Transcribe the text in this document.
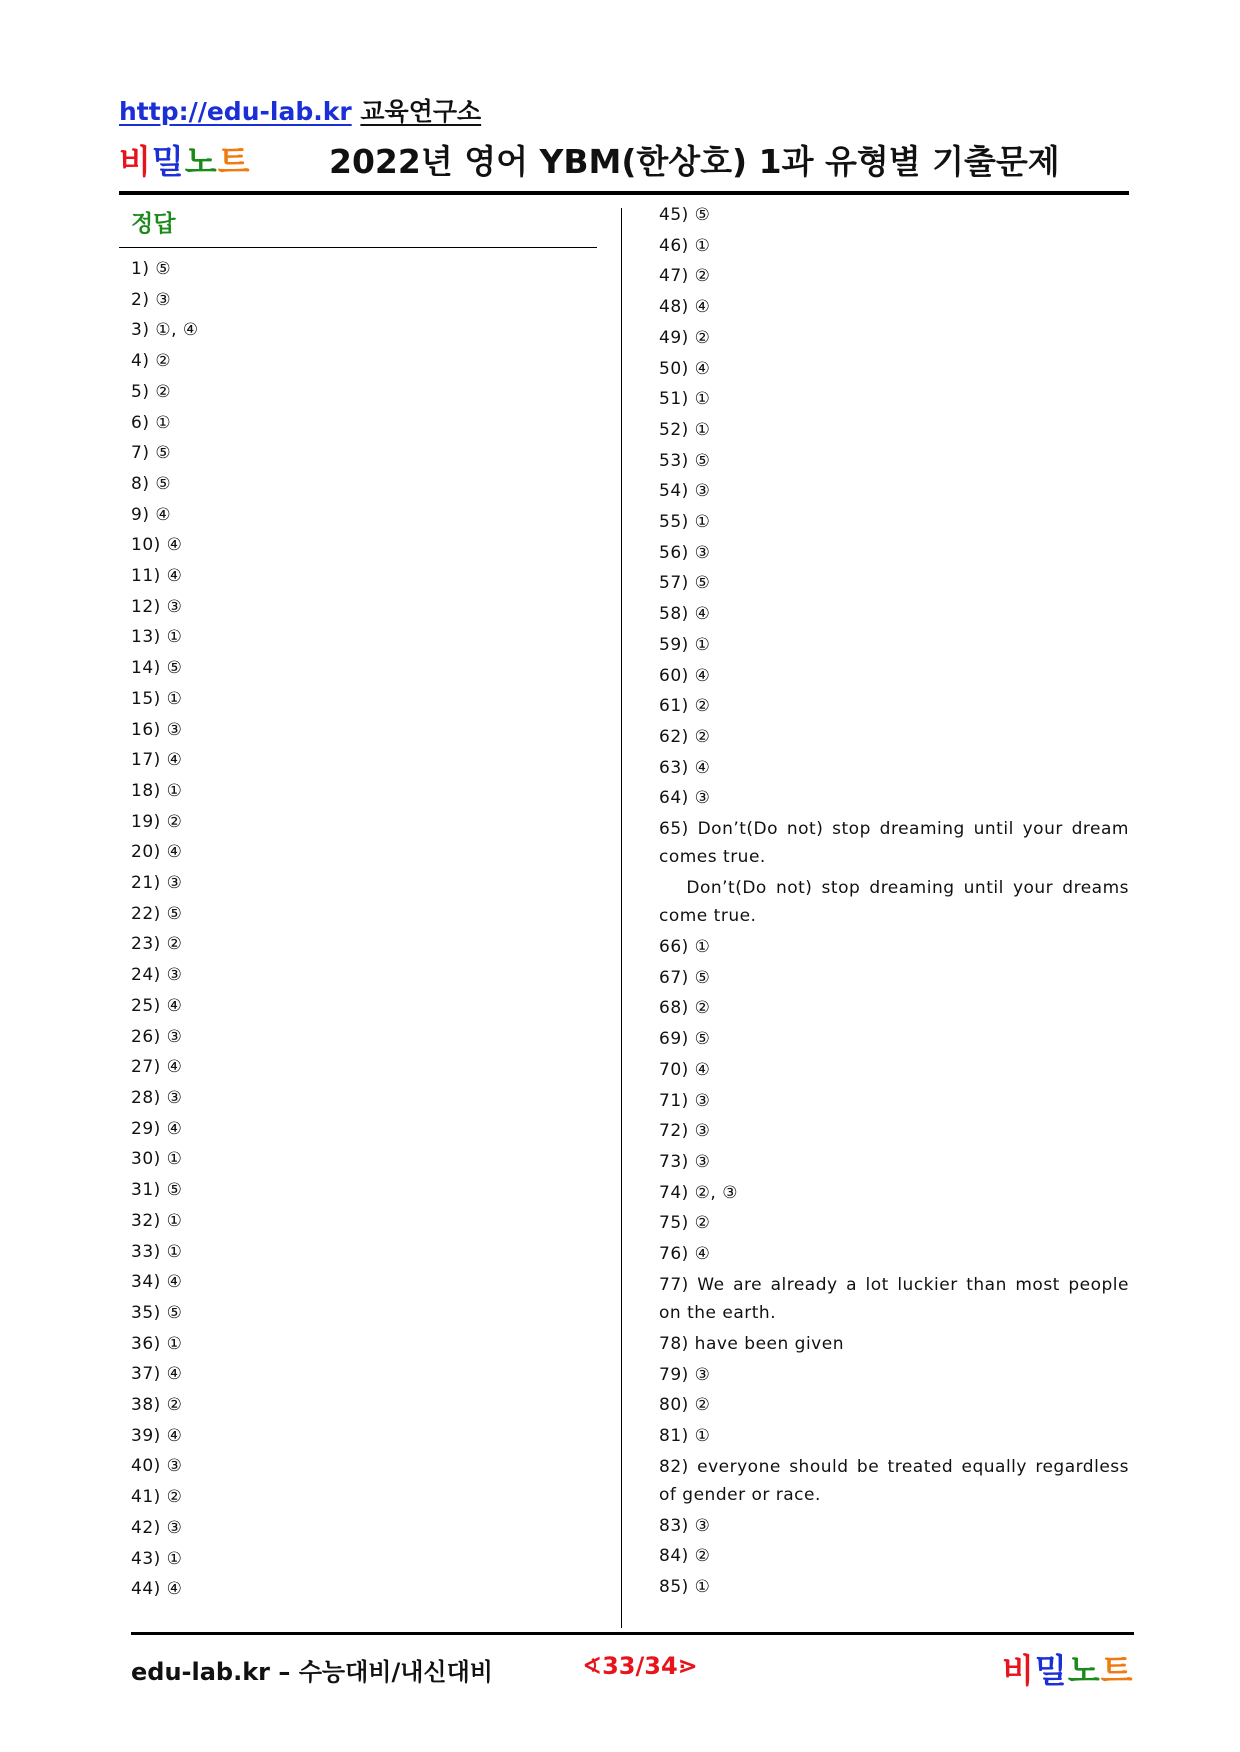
http://edu-lab.kr 교육연구소
비밀노트 2022년 영어 YBM(한상호) 1과 유형별 기출문제
정답
1) ⑤
2) ③
3) ①, ④
4) ②
5) ②
6) ①
7) ⑤
8) ⑤
9) ④
10) ④
11) ④
12) ③
13) ①
14) ⑤
15) ①
16) ③
17) ④
18) ①
19) ②
20) ④
21) ③
22) ⑤
23) ②
24) ③
25) ④
26) ③
27) ④
28) ③
29) ④
30) ①
31) ⑤
32) ①
33) ①
34) ④
35) ⑤
36) ①
37) ④
38) ②
39) ④
40) ③
41) ②
42) ③
43) ①
44) ④
45) ⑤
46) ①
47) ②
48) ④
49) ②
50) ④
51) ①
52) ①
53) ⑤
54) ③
55) ①
56) ③
57) ⑤
58) ④
59) ①
60) ④
61) ②
62) ②
63) ④
64) ③
65) Don’t(Do not) stop dreaming until your dream comes true.
Don’t(Do not) stop dreaming until your dreams come true.
66) ①
67) ⑤
68) ②
69) ⑤
70) ④
71) ③
72) ③
73) ③
74) ②, ③
75) ②
76) ④
77) We are already a lot luckier than most people on the earth.
78) have been given
79) ③
80) ②
81) ①
82) everyone should be treated equally regardless of gender or race.
83) ③
84) ②
85) ①
edu-lab.kr – 수능대비/내신대비	∢33/34⋗	비밀노트
